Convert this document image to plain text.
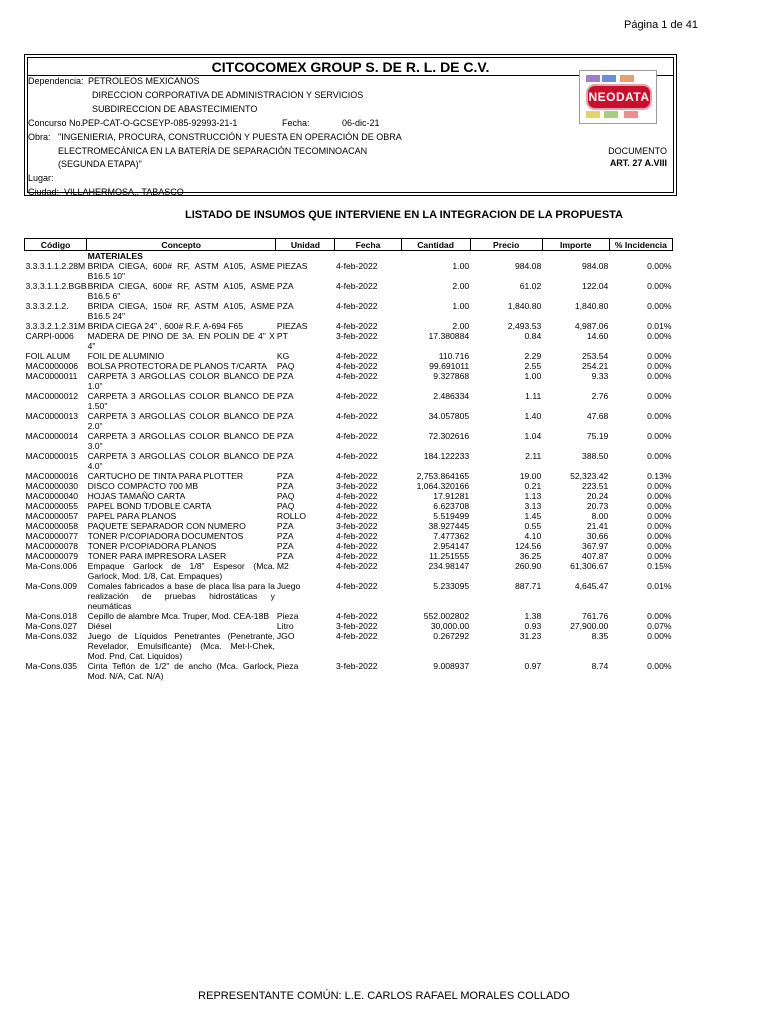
Página 1 de 41
CITCOCOMEX GROUP S. DE R. L. DE C.V.
Dependencia: PETROLEOS MEXICANOS
DIRECCION CORPORATIVA DE ADMINISTRACION Y SERVICIOS
SUBDIRECCION DE ABASTECIMIENTO
Concurso No.
PEP-CAT-O-GCSEYP-085-92993-21-1	Fecha:	06-dic-21
Obra: "INGENIERIA, PROCURA, CONSTRUCCIÓN Y PUESTA EN OPERACIÓN DE OBRA
ELECTROMECÁNICA EN LA BATERÍA DE SEPARACIÓN TECOMINOACAN
(SEGUNDA ETAPA)"
Lugar:
Ciudad: VILLAHERMOSA,, TABASCO
NEODATA
DOCUMENTO
ART. 27 A.VIII
LISTADO DE INSUMOS QUE INTERVIENE EN LA INTEGRACION DE LA PROPUESTA
Código	Concepto	Unidad	Fecha	Cantidad	Precio	Importe	% Incidencia
	MATERIALES						
3.3.3.1.1.2.28M	BRIDA CIEGA, 600# RF, ASTM A105, ASME B16.5 10"	PIEZAS	4-feb-2022	1.00	984.08	984.08	0.00%
3.3.3.1.1.2.BGB	BRIDA CIEGA, 600# RF, ASTM A105, ASME B16.5 6"	PZA	4-feb-2022	2.00	61.02	122.04	0.00%
3.3.3.2.1.2.	BRIDA CIEGA, 150# RF, ASTM A105, ASME B16.5 24"	PZA	4-feb-2022	1.00	1,840.80	1,840.80	0.00%
3.3.3.2.1.2.31M	BRIDA CIEGA 24" , 600# R.F. A-694 F65	PIEZAS	4-feb-2022	2.00	2,493.53	4,987.06	0.01%
CARPI-0006	MADERA DE PINO DE 3A. EN POLIN DE 4" X 4"	PT	3-feb-2022	17.380884	0.84	14.60	0.00%
FOIL ALUM	FOIL DE ALUMINIO	KG	4-feb-2022	110.716	2.29	253.54	0.00%
MAC0000006	BOLSA PROTECTORA DE PLANOS T/CARTA	PAQ	4-feb-2022	99.691011	2.55	254.21	0.00%
MAC0000011	CARPETA 3 ARGOLLAS COLOR BLANCO DE 1.0"	PZA	4-feb-2022	9.327868	1.00	9.33	0.00%
MAC0000012	CARPETA 3 ARGOLLAS COLOR BLANCO DE 1.50"	PZA	4-feb-2022	2.486334	1.11	2.76	0.00%
MAC0000013	CARPETA 3 ARGOLLAS COLOR BLANCO DE 2.0"	PZA	4-feb-2022	34.057805	1.40	47.68	0.00%
MAC0000014	CARPETA 3 ARGOLLAS COLOR BLANCO DE 3.0"	PZA	4-feb-2022	72.302616	1.04	75.19	0.00%
MAC0000015	CARPETA 3 ARGOLLAS COLOR BLANCO DE 4.0"	PZA	4-feb-2022	184.122233	2.11	388.50	0.00%
MAC0000016	CARTUCHO DE TINTA PARA PLOTTER	PZA	4-feb-2022	2,753.864165	19.00	52,323.42	0.13%
MAC0000030	DISCO COMPACTO 700 MB	PZA	3-feb-2022	1,064.320166	0.21	223.51	0.00%
MAC0000040	HOJAS TAMAÑO CARTA	PAQ	4-feb-2022	17.91281	1.13	20.24	0.00%
MAC0000055	PAPEL BOND T/DOBLE CARTA	PAQ	4-feb-2022	6.623708	3.13	20.73	0.00%
MAC0000057	PAPEL PARA PLANOS	ROLLO	4-feb-2022	5.519499	1.45	8.00	0.00%
MAC0000058	PAQUETE SEPARADOR CON NUMERO	PZA	3-feb-2022	38.927445	0.55	21.41	0.00%
MAC0000077	TONER P/COPIADORA DOCUMENTOS	PZA	4-feb-2022	7.477362	4.10	30.66	0.00%
MAC0000078	TONER P/COPIADORA PLANOS	PZA	4-feb-2022	2.954147	124.56	367.97	0.00%
MAC0000079	TONER PARA IMPRESORA LASER	PZA	4-feb-2022	11.251555	36.25	407.87	0.00%
Ma-Cons.006	Empaque Garlock de 1/8" Espesor (Mca. Garlock, Mod. 1/8, Cat. Empaques)	M2	4-feb-2022	234.98147	260.90	61,306.67	0.15%
Ma-Cons.009	Comales fabricados a base de placa lisa para la realización de pruebas hidrostáticas y neumáticas	Juego	4-feb-2022	5.233095	887.71	4,645.47	0.01%
Ma-Cons.018	Cepillo de alambre Mca. Truper, Mod. CEA-18B	Pieza	4-feb-2022	552.002802	1.38	761.76	0.00%
Ma-Cons.027	Diésel	Litro	3-feb-2022	30,000.00	0.93	27,900.00	0.07%
Ma-Cons.032	Juego de Líquidos Penetrantes (Penetrante, Revelador, Emulsificante) (Mca. Met-l-Chek, Mod. Pnd, Cat. Liquidos)	JGO	4-feb-2022	0.267292	31.23	8.35	0.00%
Ma-Cons.035	Cinta Teflón de 1/2" de ancho (Mca. Garlock, Mod. N/A, Cat. N/A)	Pieza	3-feb-2022	9.008937	0.97	8.74	0.00%
REPRESENTANTE COMÚN: L.E. CARLOS RAFAEL MORALES COLLADO
